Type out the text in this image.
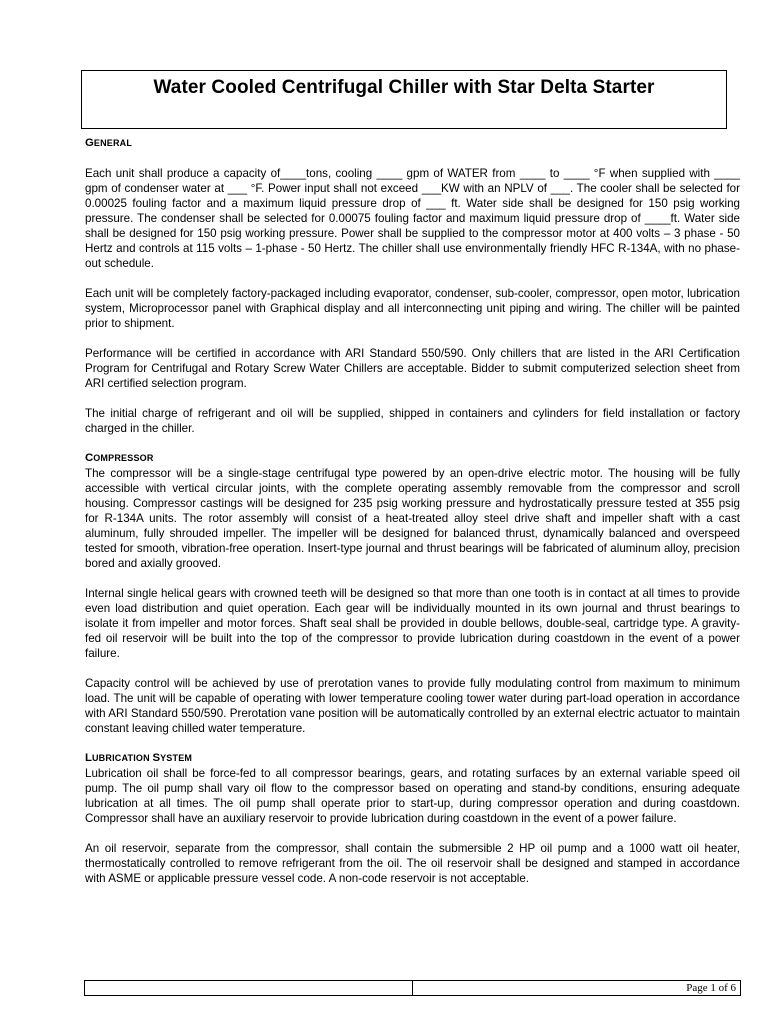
Water Cooled Centrifugal Chiller with Star Delta Starter
GENERAL

Each unit shall produce a capacity of____tons, cooling ____ gpm of WATER from ____ to ____ °F when supplied with ____ gpm of condenser water at ___ °F. Power input shall not exceed ___KW with an NPLV of ___. The cooler shall be selected for 0.00025 fouling factor and a maximum liquid pressure drop of ___ ft. Water side shall be designed for 150 psig working pressure. The condenser shall be selected for 0.00075 fouling factor and maximum liquid pressure drop of ____ft. Water side shall be designed for 150 psig working pressure. Power shall be supplied to the compressor motor at 400 volts – 3 phase - 50 Hertz and controls at 115 volts – 1-phase - 50 Hertz. The chiller shall use environmentally friendly HFC R-134A, with no phase-out schedule.

Each unit will be completely factory-packaged including evaporator, condenser, sub-cooler, compressor, open motor, lubrication system, Microprocessor panel with Graphical display and all interconnecting unit piping and wiring. The chiller will be painted prior to shipment.

Performance will be certified in accordance with ARI Standard 550/590. Only chillers that are listed in the ARI Certification Program for Centrifugal and Rotary Screw Water Chillers are acceptable. Bidder to submit computerized selection sheet from ARI certified selection program.

The initial charge of refrigerant and oil will be supplied, shipped in containers and cylinders for field installation or factory charged in the chiller.

COMPRESSOR

The compressor will be a single-stage centrifugal type powered by an open-drive electric motor. The housing will be fully accessible with vertical circular joints, with the complete operating assembly removable from the compressor and scroll housing. Compressor castings will be designed for 235 psig working pressure and hydrostatically pressure tested at 355 psig for R-134A units. The rotor assembly will consist of a heat-treated alloy steel drive shaft and impeller shaft with a cast aluminum, fully shrouded impeller. The impeller will be designed for balanced thrust, dynamically balanced and overspeed tested for smooth, vibration-free operation. Insert-type journal and thrust bearings will be fabricated of aluminum alloy, precision bored and axially grooved.

Internal single helical gears with crowned teeth will be designed so that more than one tooth is in contact at all times to provide even load distribution and quiet operation. Each gear will be individually mounted in its own journal and thrust bearings to isolate it from impeller and motor forces. Shaft seal shall be provided in double bellows, double-seal, cartridge type. A gravity-fed oil reservoir will be built into the top of the compressor to provide lubrication during coastdown in the event of a power failure.

Capacity control will be achieved by use of prerotation vanes to provide fully modulating control from maximum to minimum load. The unit will be capable of operating with lower temperature cooling tower water during part-load operation in accordance with ARI Standard 550/590. Prerotation vane position will be automatically controlled by an external electric actuator to maintain constant leaving chilled water temperature.

LUBRICATION SYSTEM

Lubrication oil shall be force-fed to all compressor bearings, gears, and rotating surfaces by an external variable speed oil pump. The oil pump shall vary oil flow to the compressor based on operating and stand-by conditions, ensuring adequate lubrication at all times. The oil pump shall operate prior to start-up, during compressor operation and during coastdown. Compressor shall have an auxiliary reservoir to provide lubrication during coastdown in the event of a power failure.

An oil reservoir, separate from the compressor, shall contain the submersible 2 HP oil pump and a 1000 watt oil heater, thermostatically controlled to remove refrigerant from the oil. The oil reservoir shall be designed and stamped in accordance with ASME or applicable pressure vessel code. A non-code reservoir is not acceptable.

Page 1 of 6
